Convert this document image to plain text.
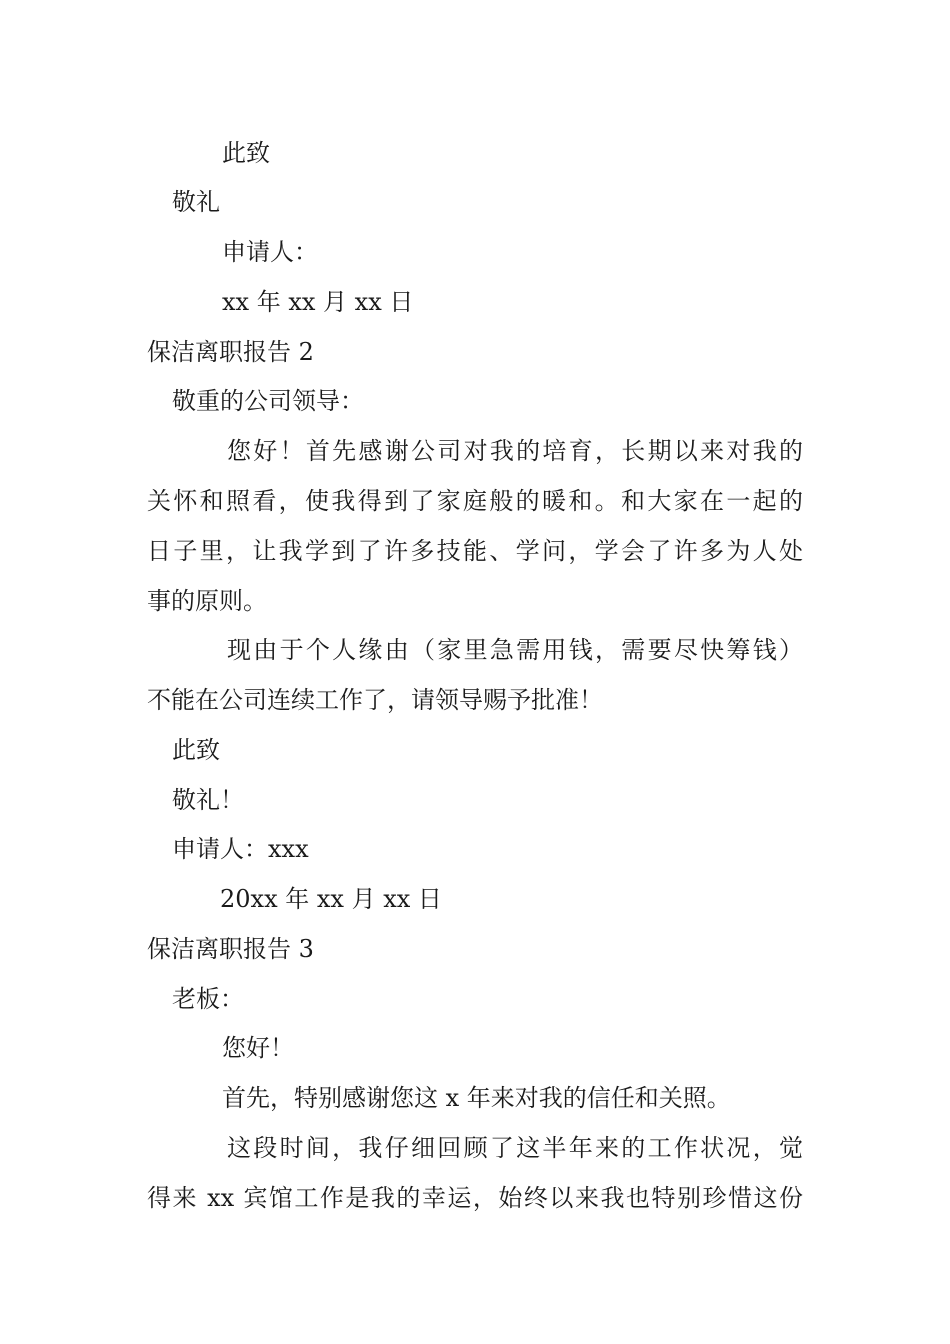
此致
敬礼
申请人：
xx 年 xx 月 xx 日
保洁离职报告 2
敬重的公司领导：
您好！首先感谢公司对我的培育，长期以来对我的
关怀和照看，使我得到了家庭般的暖和。和大家在一起的
日子里，让我学到了许多技能、学问，学会了许多为人处
事的原则。
现由于个人缘由（家里急需用钱，需要尽快筹钱）
不能在公司连续工作了，请领导赐予批准！
此致
敬礼！
申请人：xxx
20xx 年 xx 月 xx 日
保洁离职报告 3
老板：
您好！
首先，特别感谢您这 x 年来对我的信任和关照。
这段时间，我仔细回顾了这半年来的工作状况，觉
得来 xx 宾馆工作是我的幸运，始终以来我也特别珍惜这份
